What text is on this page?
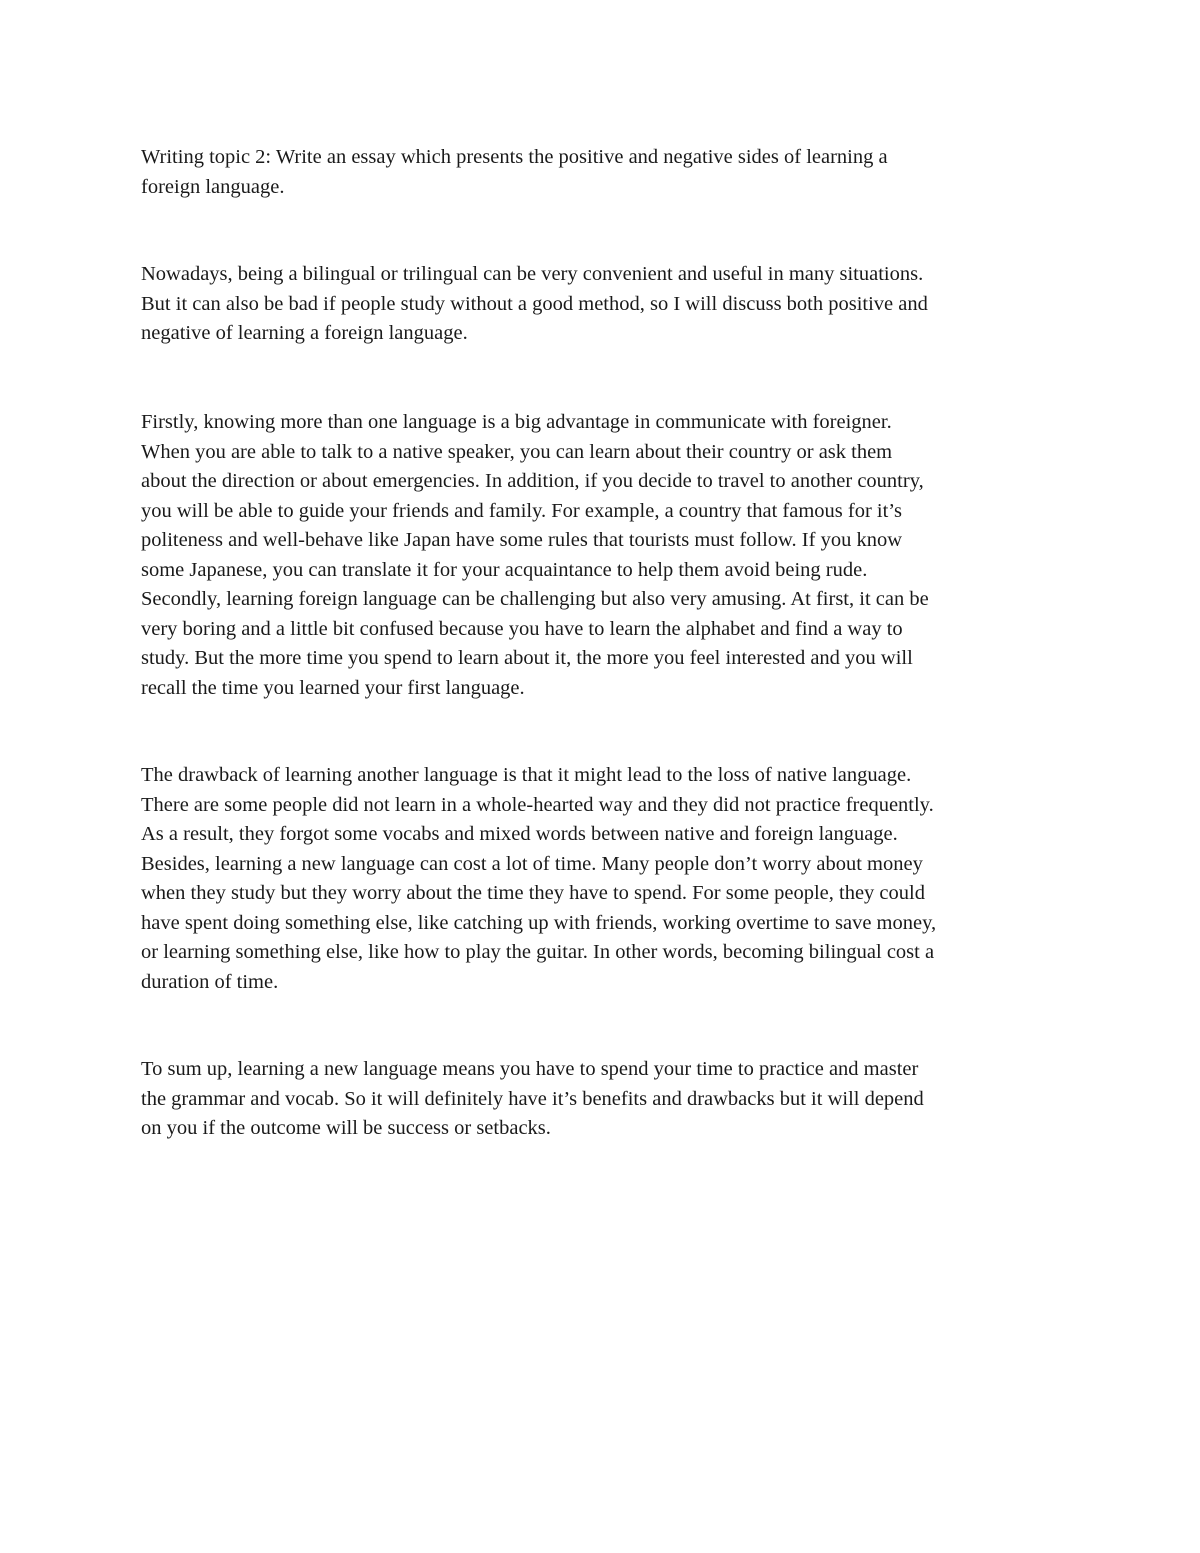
Writing topic 2: Write an essay which presents the positive and negative sides of learning a
foreign language.
Nowadays, being a bilingual or trilingual can be very convenient and useful in many situations.
But it can also be bad if people study without a good method, so I will discuss both positive and
negative of learning a foreign language.
Firstly, knowing more than one language is a big advantage in communicate with foreigner.
When you are able to talk to a native speaker, you can learn about their country or ask them
about the direction or about emergencies. In addition, if you decide to travel to another country,
you will be able to guide your friends and family. For example, a country that famous for it’s
politeness and well-behave like Japan have some rules that tourists must follow. If you know
some Japanese, you can translate it for your acquaintance to help them avoid being rude.
Secondly, learning foreign language can be challenging but also very amusing. At first, it can be
very boring and a little bit confused because you have to learn the alphabet and find a way to
study. But the more time you spend to learn about it, the more you feel interested and you will
recall the time you learned your first language.
The drawback of learning another language is that it might lead to the loss of native language.
There are some people did not learn in a whole-hearted way and they did not practice frequently.
As a result, they forgot some vocabs and mixed words between native and foreign language.
Besides, learning a new language can cost a lot of time. Many people don’t worry about money
when they study but they worry about the time they have to spend. For some people, they could
have spent doing something else, like catching up with friends, working overtime to save money,
or learning something else, like how to play the guitar. In other words, becoming bilingual cost a
duration of time.
To sum up, learning a new language means you have to spend your time to practice and master
the grammar and vocab. So it will definitely have it’s benefits and drawbacks but it will depend
on you if the outcome will be success or setbacks.
